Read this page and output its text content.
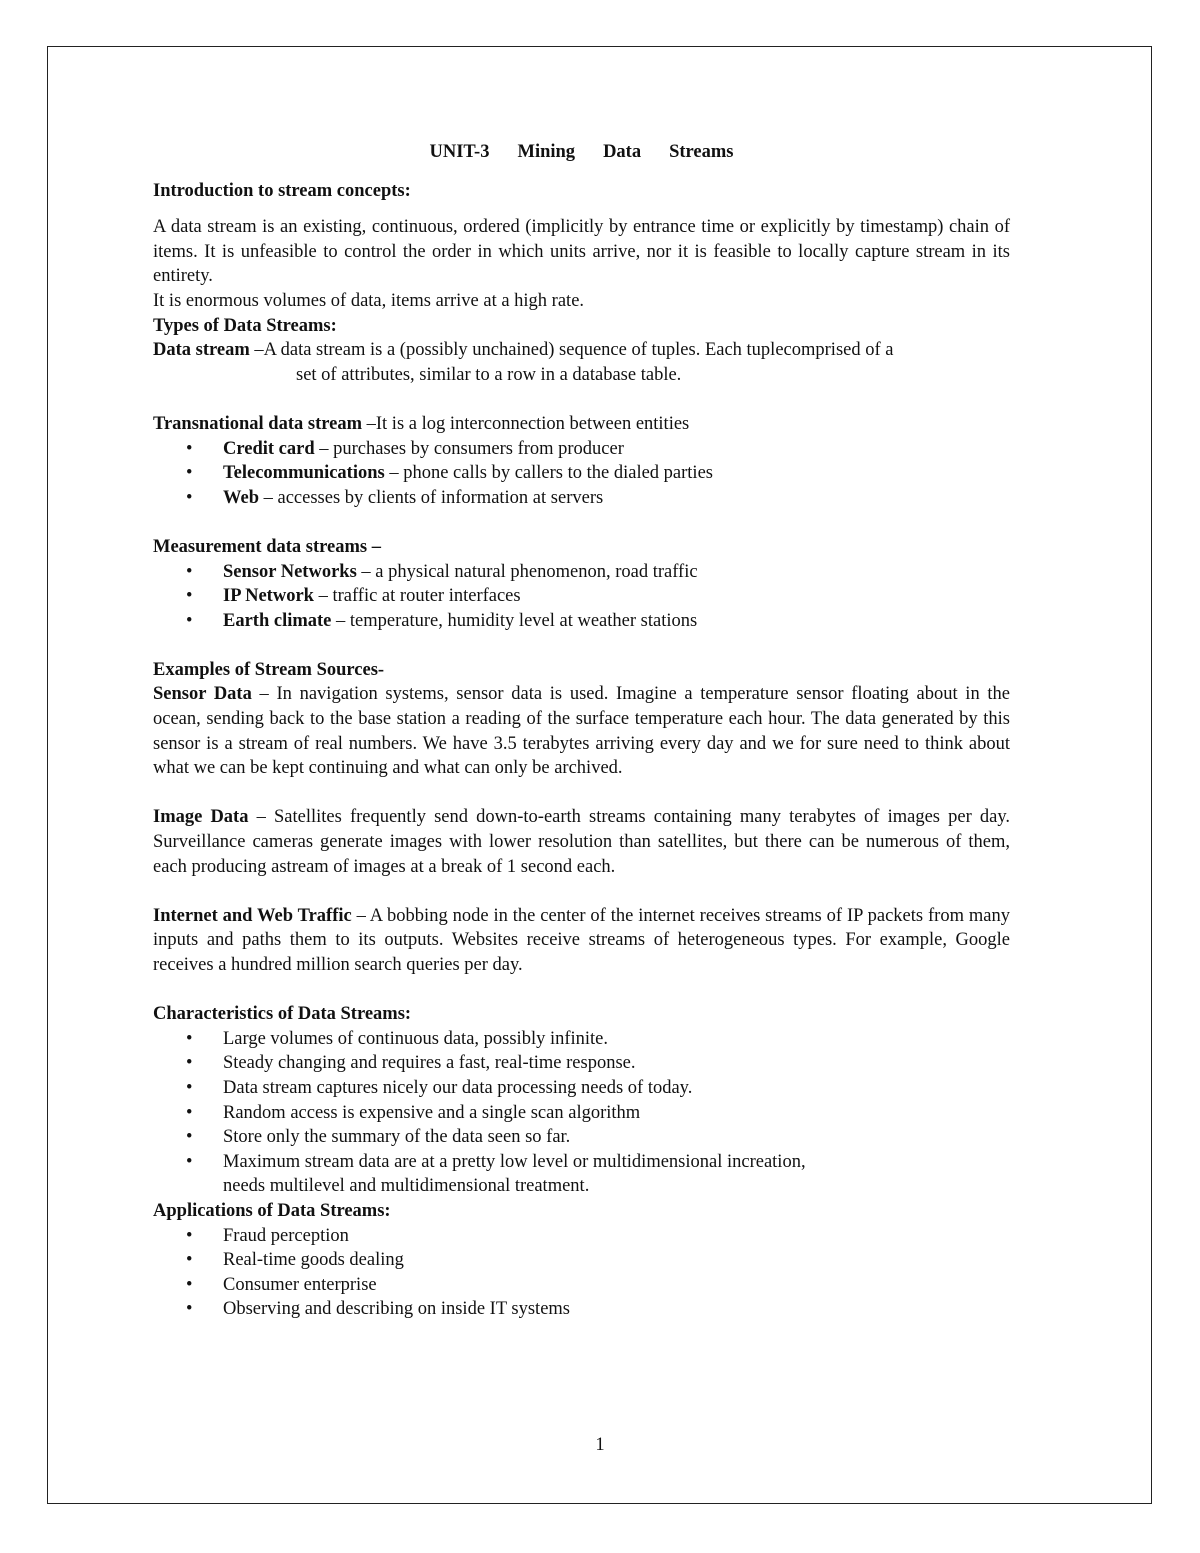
UNIT-3 Mining Data Streams
Introduction to stream concepts:

A data stream is an existing, continuous, ordered (implicitly by entrance time or explicitly by timestamp) chain of items. It is unfeasible to control the order in which units arrive, nor it is feasible to locally capture stream in its entirety.

It is enormous volumes of data, items arrive at a high rate.

Types of Data Streams:

Data stream –A data stream is a (possibly unchained) sequence of tuples. Each tuplecomprised of a

set of attributes, similar to a row in a database table.

Transnational data stream –It is a log interconnection between entities

• Credit card – purchases by consumers from producer
• Telecommunications – phone calls by callers to the dialed parties
• Web – accesses by clients of information at servers
Measurement data streams –
• Sensor Networks – a physical natural phenomenon, road traffic
• IP Network – traffic at router interfaces
• Earth climate – temperature, humidity level at weather stations
Examples of Stream Sources-

Sensor Data – In navigation systems, sensor data is used. Imagine a temperature sensor floating about in the ocean, sending back to the base station a reading of the surface temperature each hour. The data generated by this sensor is a stream of real numbers. We have 3.5 terabytes arriving every day and we for sure need to think about what we can be kept continuing and what can only be archived.

Image Data – Satellites frequently send down-to-earth streams containing many terabytes of images per day. Surveillance cameras generate images with lower resolution than satellites, but there can be numerous of them, each producing astream of images at a break of 1 second each.

Internet and Web Traffic – A bobbing node in the center of the internet receives streams of IP packets from many inputs and paths them to its outputs. Websites receive streams of heterogeneous types. For example, Google receives a hundred million search queries per day.

Characteristics of Data Streams:
• Large volumes of continuous data, possibly infinite.
• Steady changing and requires a fast, real-time response.
• Data stream captures nicely our data processing needs of today.
• Random access is expensive and a single scan algorithm
• Store only the summary of the data seen so far.
• Maximum stream data are at a pretty low level or multidimensional increation,
needs multilevel and multidimensional treatment.
Applications of Data Streams:
• Fraud perception
• Real-time goods dealing
• Consumer enterprise
• Observing and describing on inside IT systems
1
